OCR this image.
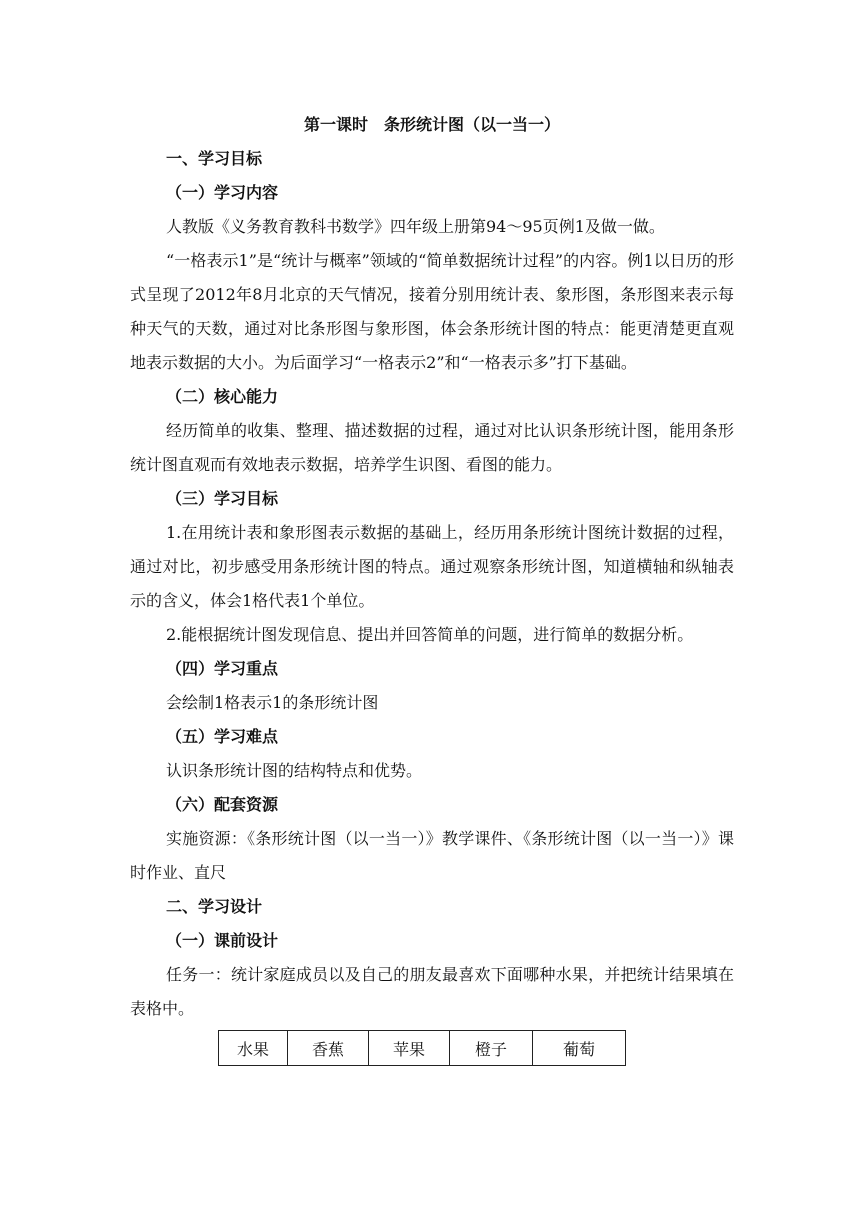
第一课时　条形统计图（以一当一）
一、学习目标
（一）学习内容

人教版《义务教育教科书数学》四年级上册第94～95页例1及做一做。

“一格表示1”是“统计与概率”领域的“简单数据统计过程”的内容。例1以日历的形式呈现了2012年8月北京的天气情况，接着分别用统计表、象形图，条形图来表示每种天气的天数，通过对比条形图与象形图，体会条形统计图的特点：能更清楚更直观地表示数据的大小。为后面学习“一格表示2”和“一格表示多”打下基础。

（二）核心能力

经历简单的收集、整理、描述数据的过程，通过对比认识条形统计图，能用条形统计图直观而有效地表示数据，培养学生识图、看图的能力。

（三）学习目标

1.在用统计表和象形图表示数据的基础上，经历用条形统计图统计数据的过程，通过对比，初步感受用条形统计图的特点。通过观察条形统计图，知道横轴和纵轴表示的含义，体会1格代表1个单位。

2.能根据统计图发现信息、提出并回答简单的问题，进行简单的数据分析。

（四）学习重点

会绘制1格表示1的条形统计图

（五）学习难点

认识条形统计图的结构特点和优势。

（六）配套资源

实施资源：《条形统计图（以一当一）》教学课件、《条形统计图（以一当一）》课时作业、直尺

二、学习设计
（一）课前设计

任务一：统计家庭成员以及自己的朋友最喜欢下面哪种水果，并把统计结果填在表格中。

水果	香蕉	苹果	橙子	葡萄
